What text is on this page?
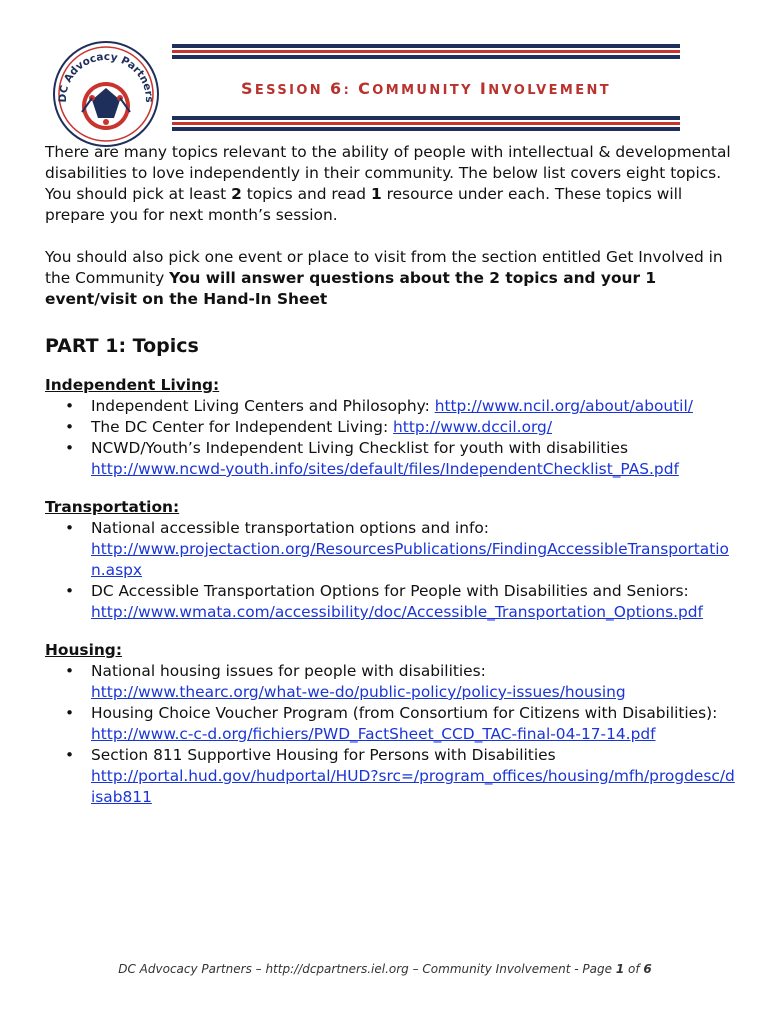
DC Advocacy Partners
SESSION 6: COMMUNITY INVOLVEMENT

There are many topics relevant to the ability of people with intellectual & developmental disabilities to love independently in their community. The below list covers eight topics. You should pick at least 2 topics and read 1 resource under each. These topics will prepare you for next month’s session.

You should also pick one event or place to visit from the section entitled Get Involved in the Community You will answer questions about the 2 topics and your 1 event/visit on the Hand-In Sheet

PART 1: Topics
Independent Living:
• Independent Living Centers and Philosophy: http://www.ncil.org/about/aboutil/
• The DC Center for Independent Living: http://www.dccil.org/
• NCWD/Youth’s Independent Living Checklist for youth with disabilities
http://www.ncwd-youth.info/sites/default/files/IndependentChecklist_PAS.pdf
Transportation:
• National accessible transportation options and info:
http://www.projectaction.org/ResourcesPublications/FindingAccessibleTransportation.aspx
• DC Accessible Transportation Options for People with Disabilities and Seniors:
http://www.wmata.com/accessibility/doc/Accessible_Transportation_Options.pdf
Housing:
• National housing issues for people with disabilities:
http://www.thearc.org/what-we-do/public-policy/policy-issues/housing
• Housing Choice Voucher Program (from Consortium for Citizens with Disabilities): http://www.c-c-d.org/fichiers/PWD_FactSheet_CCD_TAC-final-04-17-14.pdf
• Section 811 Supportive Housing for Persons with Disabilities
http://portal.hud.gov/hudportal/HUD?src=/program_offices/housing/mfh/progdesc/disab811
DC Advocacy Partners – http://dcpartners.iel.org – Community Involvement - Page 1 of 6
